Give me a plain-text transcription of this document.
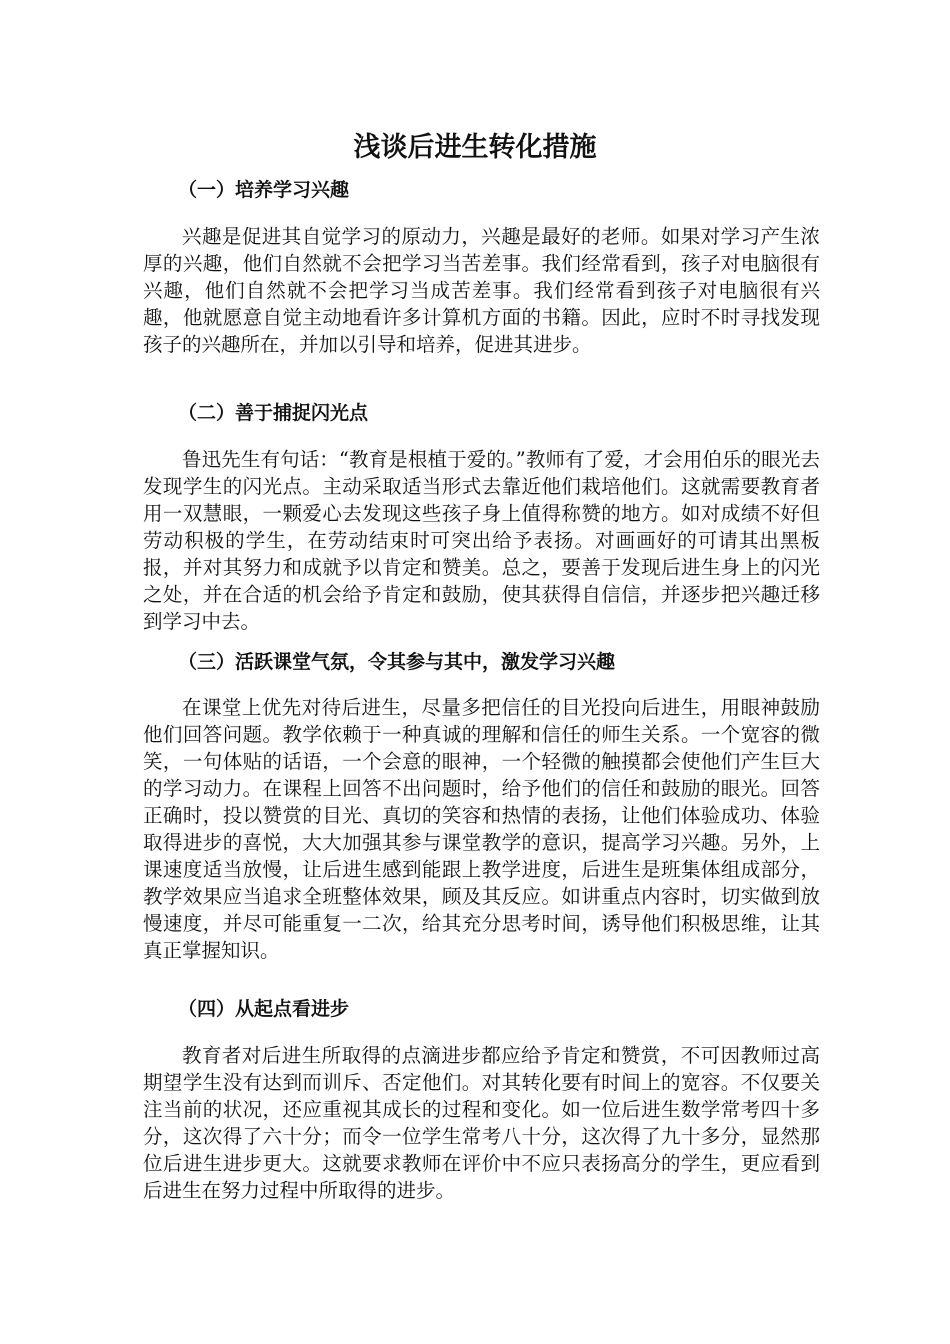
浅谈后进生转化措施
（一）培养学习兴趣

兴趣是促进其自觉学习的原动力，兴趣是最好的老师。如果对学习产生浓厚的兴趣，他们自然就不会把学习当苦差事。我们经常看到，孩子对电脑很有兴趣，他们自然就不会把学习当成苦差事。我们经常看到孩子对电脑很有兴趣，他就愿意自觉主动地看许多计算机方面的书籍。因此，应时不时寻找发现孩子的兴趣所在，并加以引导和培养，促进其进步。

（二）善于捕捉闪光点

鲁迅先生有句话：“教育是根植于爱的。”教师有了爱，才会用伯乐的眼光去发现学生的闪光点。主动采取适当形式去靠近他们栽培他们。这就需要教育者用一双慧眼，一颗爱心去发现这些孩子身上值得称赞的地方。如对成绩不好但劳动积极的学生，在劳动结束时可突出给予表扬。对画画好的可请其出黑板报，并对其努力和成就予以肯定和赞美。总之，要善于发现后进生身上的闪光之处，并在合适的机会给予肯定和鼓励，使其获得自信信，并逐步把兴趣迁移到学习中去。

（三）活跃课堂气氛，令其参与其中，激发学习兴趣

在课堂上优先对待后进生，尽量多把信任的目光投向后进生，用眼神鼓励他们回答问题。教学依赖于一种真诚的理解和信任的师生关系。一个宽容的微笑，一句体贴的话语，一个会意的眼神，一个轻微的触摸都会使他们产生巨大的学习动力。在课程上回答不出问题时，给予他们的信任和鼓励的眼光。回答正确时，投以赞赏的目光、真切的笑容和热情的表扬，让他们体验成功、体验取得进步的喜悦，大大加强其参与课堂教学的意识，提高学习兴趣。另外，上课速度适当放慢，让后进生感到能跟上教学进度，后进生是班集体组成部分，教学效果应当追求全班整体效果，顾及其反应。如讲重点内容时，切实做到放慢速度，并尽可能重复一二次，给其充分思考时间，诱导他们积极思维，让其真正掌握知识。

（四）从起点看进步

教育者对后进生所取得的点滴进步都应给予肯定和赞赏，不可因教师过高期望学生没有达到而训斥、否定他们。对其转化要有时间上的宽容。不仅要关注当前的状况，还应重视其成长的过程和变化。如一位后进生数学常考四十多分，这次得了六十分；而令一位学生常考八十分，这次得了九十多分，显然那位后进生进步更大。这就要求教师在评价中不应只表扬高分的学生，更应看到后进生在努力过程中所取得的进步。
